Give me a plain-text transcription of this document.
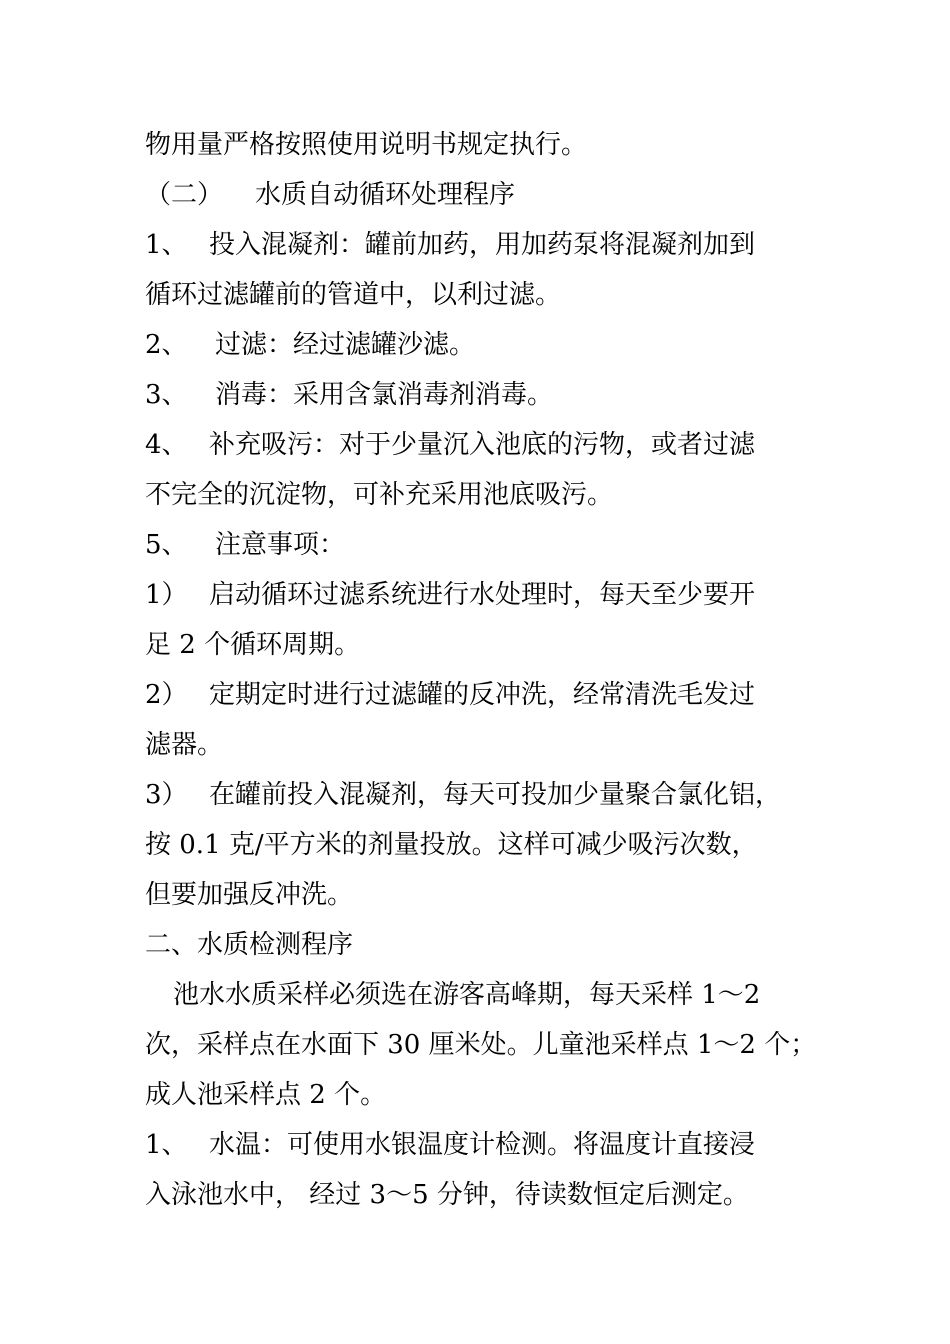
物用量严格按照使用说明书规定执行。
（二） 水质自动循环处理程序
1、 投入混凝剂：罐前加药，用加药泵将混凝剂加到
循环过滤罐前的管道中，以利过滤。
2、 过滤：经过滤罐沙滤。
3、 消毒：采用含氯消毒剂消毒。
4、 补充吸污：对于少量沉入池底的污物，或者过滤
不完全的沉淀物，可补充采用池底吸污。
5、 注意事项：
1） 启动循环过滤系统进行水处理时，每天至少要开
足 2 个循环周期。
2） 定期定时进行过滤罐的反冲洗，经常清洗毛发过
滤器。
3） 在罐前投入混凝剂，每天可投加少量聚合氯化铝，
按 0.1 克/平方米的剂量投放。这样可减少吸污次数，
但要加强反冲洗。
二、水质检测程序
池水水质采样必须选在游客高峰期，每天采样 1～2
次，采样点在水面下 30 厘米处。儿童池采样点 1～2 个；
成人池采样点 2 个。
1、 水温：可使用水银温度计检测。将温度计直接浸
入泳池水中， 经过 3～5 分钟，待读数恒定后测定。
